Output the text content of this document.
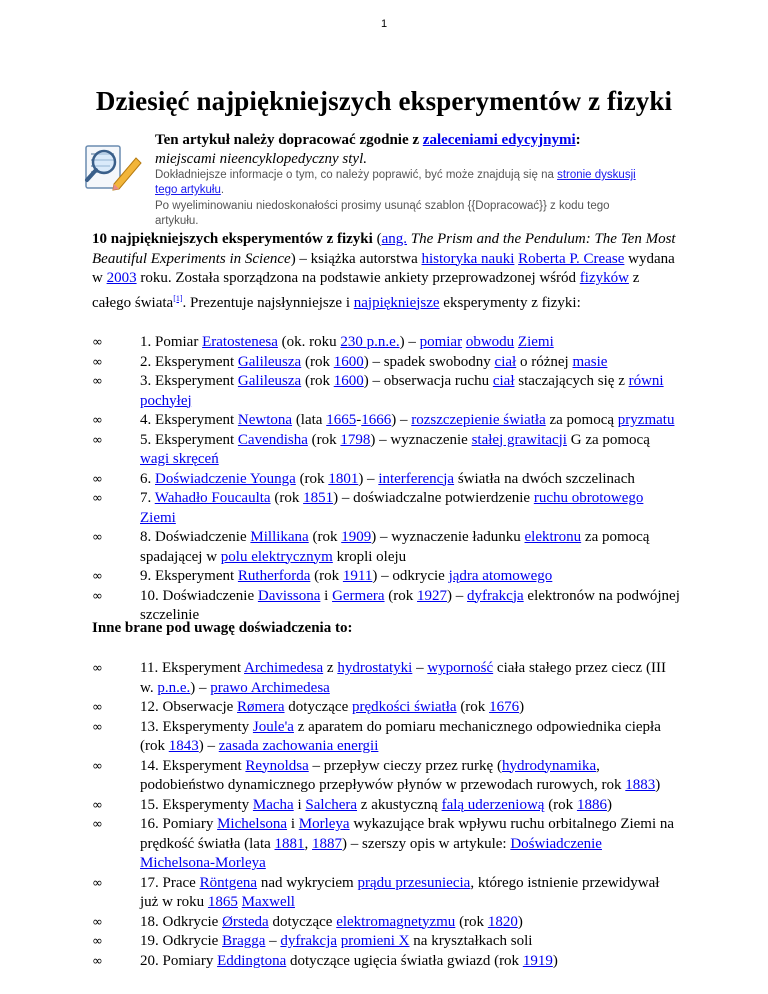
1
Dziesięć najpiękniejszych eksperymentów z fizyki
Ten artykuł należy dopracować zgodnie z zaleceniami edycyjnymi:
miejscami nieencyklopedyczny styl.
Dokładniejsze informacje o tym, co należy poprawić, być może znajdują się na stronie dyskusji tego artykułu.
Po wyeliminowaniu niedoskonałości prosimy usunąć szablon {{Dopracować}} z kodu tego artykułu.
10 najpiękniejszych eksperymentów z fizyki (ang. The Prism and the Pendulum: The Ten Most Beautiful Experiments in Science) – książka autorstwa historyka nauki Roberta P. Crease wydana w 2003 roku. Została sporządzona na podstawie ankiety przeprowadzonej wśród fizyków z całego świata[1]. Prezentuje najsłynniejsze i najpiękniejsze eksperymenty z fizyki:
∞ 1. Pomiar Eratostenesa (ok. roku 230 p.n.e.) – pomiar obwodu Ziemi
∞ 2. Eksperyment Galileusza (rok 1600) – spadek swobodny ciał o różnej masie
∞ 3. Eksperyment Galileusza (rok 1600) – obserwacja ruchu ciał staczających się z równi pochyłej
∞ 4. Eksperyment Newtona (lata 1665-1666) – rozszczepienie światła za pomocą pryzmatu
∞ 5. Eksperyment Cavendisha (rok 1798) – wyznaczenie stałej grawitacji G za pomocą wagi skręceń
∞ 6. Doświadczenie Younga (rok 1801) – interferencja światła na dwóch szczelinach
∞ 7. Wahadło Foucaulta (rok 1851) – doświadczalne potwierdzenie ruchu obrotowego Ziemi
∞ 8. Doświadczenie Millikana (rok 1909) – wyznaczenie ładunku elektronu za pomocą spadającej w polu elektrycznym kropli oleju
∞ 9. Eksperyment Rutherforda (rok 1911) – odkrycie jądra atomowego
∞ 10. Doświadczenie Davissona i Germera (rok 1927) – dyfrakcja elektronów na podwójnej szczelinie
Inne brane pod uwagę doświadczenia to:
∞ 11. Eksperyment Archimedesa z hydrostatyki – wyporność ciała stałego przez ciecz (III w. p.n.e.) – prawo Archimedesa
∞ 12. Obserwacje Rømera dotyczące prędkości światła (rok 1676)
∞ 13. Eksperymenty Joule'a z aparatem do pomiaru mechanicznego odpowiednika ciepła (rok 1843) – zasada zachowania energii
∞ 14. Eksperyment Reynoldsa – przepływ cieczy przez rurkę (hydrodynamika, podobieństwo dynamicznego przepływów płynów w przewodach rurowych, rok 1883)
∞ 15. Eksperymenty Macha i Salchera z akustyczną falą uderzeniową (rok 1886)
∞ 16. Pomiary Michelsona i Morleya wykazujące brak wpływu ruchu orbitalnego Ziemi na prędkość światła (lata 1881, 1887) – szerszy opis w artykule: Doświadczenie Michelsona-Morleya
∞ 17. Prace Röntgena nad wykryciem prądu przesuniecia, którego istnienie przewidywał już w roku 1865 Maxwell
∞ 18. Odkrycie Ørsteda dotyczące elektromagnetyzmu (rok 1820)
∞ 19. Odkrycie Bragga – dyfrakcja promieni X na kryształkach soli
∞ 20. Pomiary Eddingtona dotyczące ugięcia światła gwiazd (rok 1919)
